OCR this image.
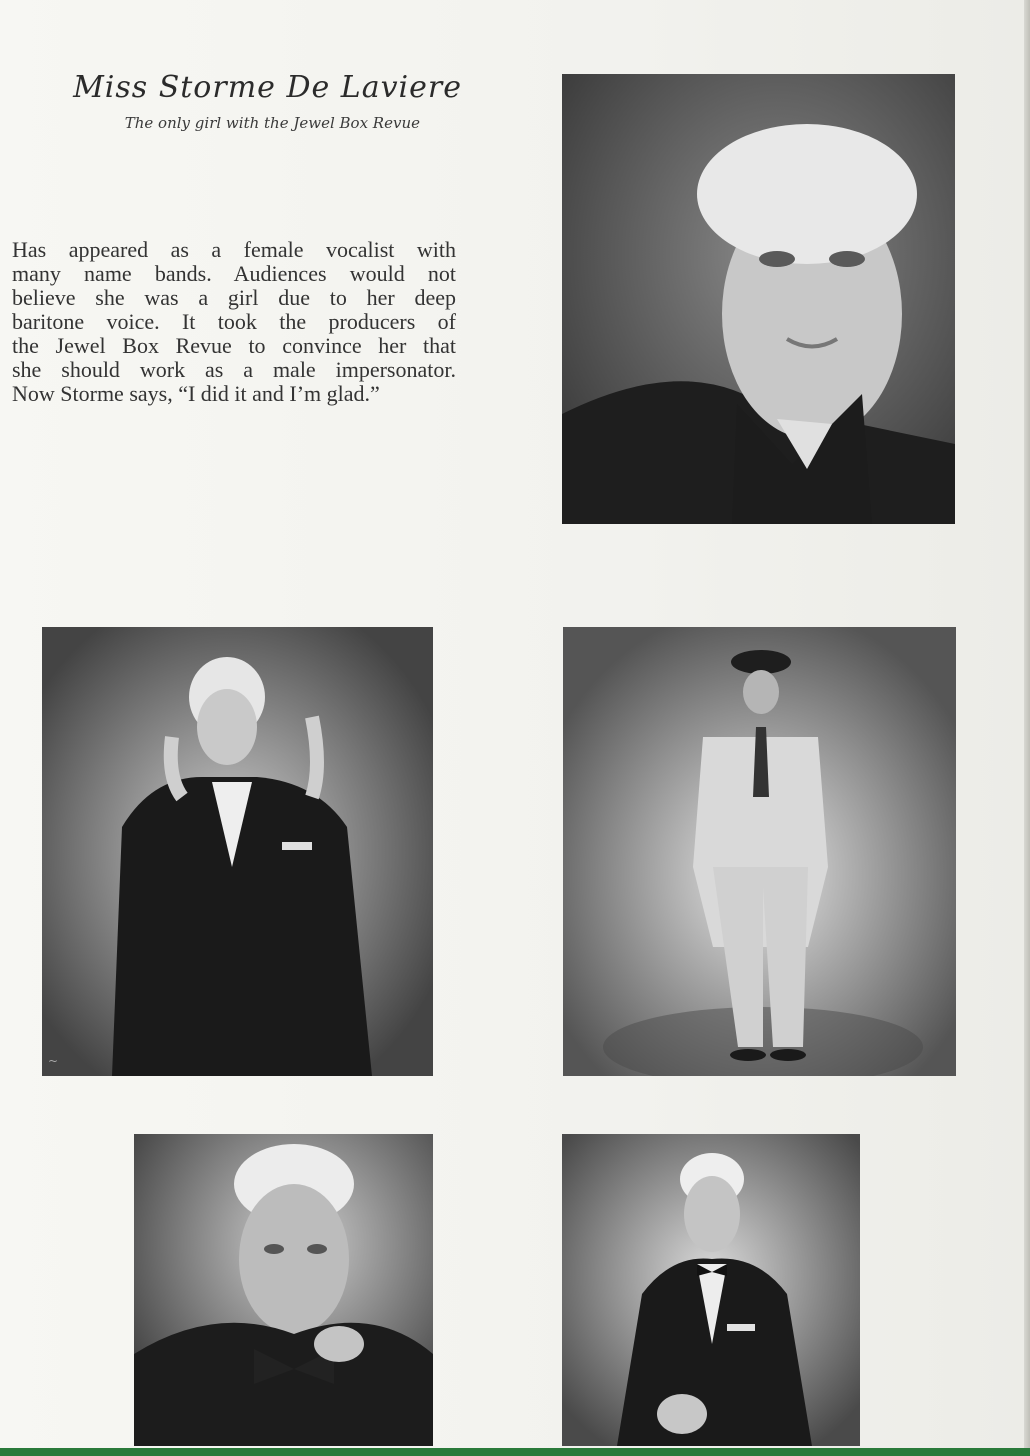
Miss Storme De Laviere
The only girl with the Jewel Box Revue

Has appeared as a female vocalist with
many name bands. Audiences would not
believe she was a girl due to her deep
baritone voice. It took the producers of
the Jewel Box Revue to convince her that
she should work as a male impersonator.
Now Storme says, “I did it and I’m glad.”

~
